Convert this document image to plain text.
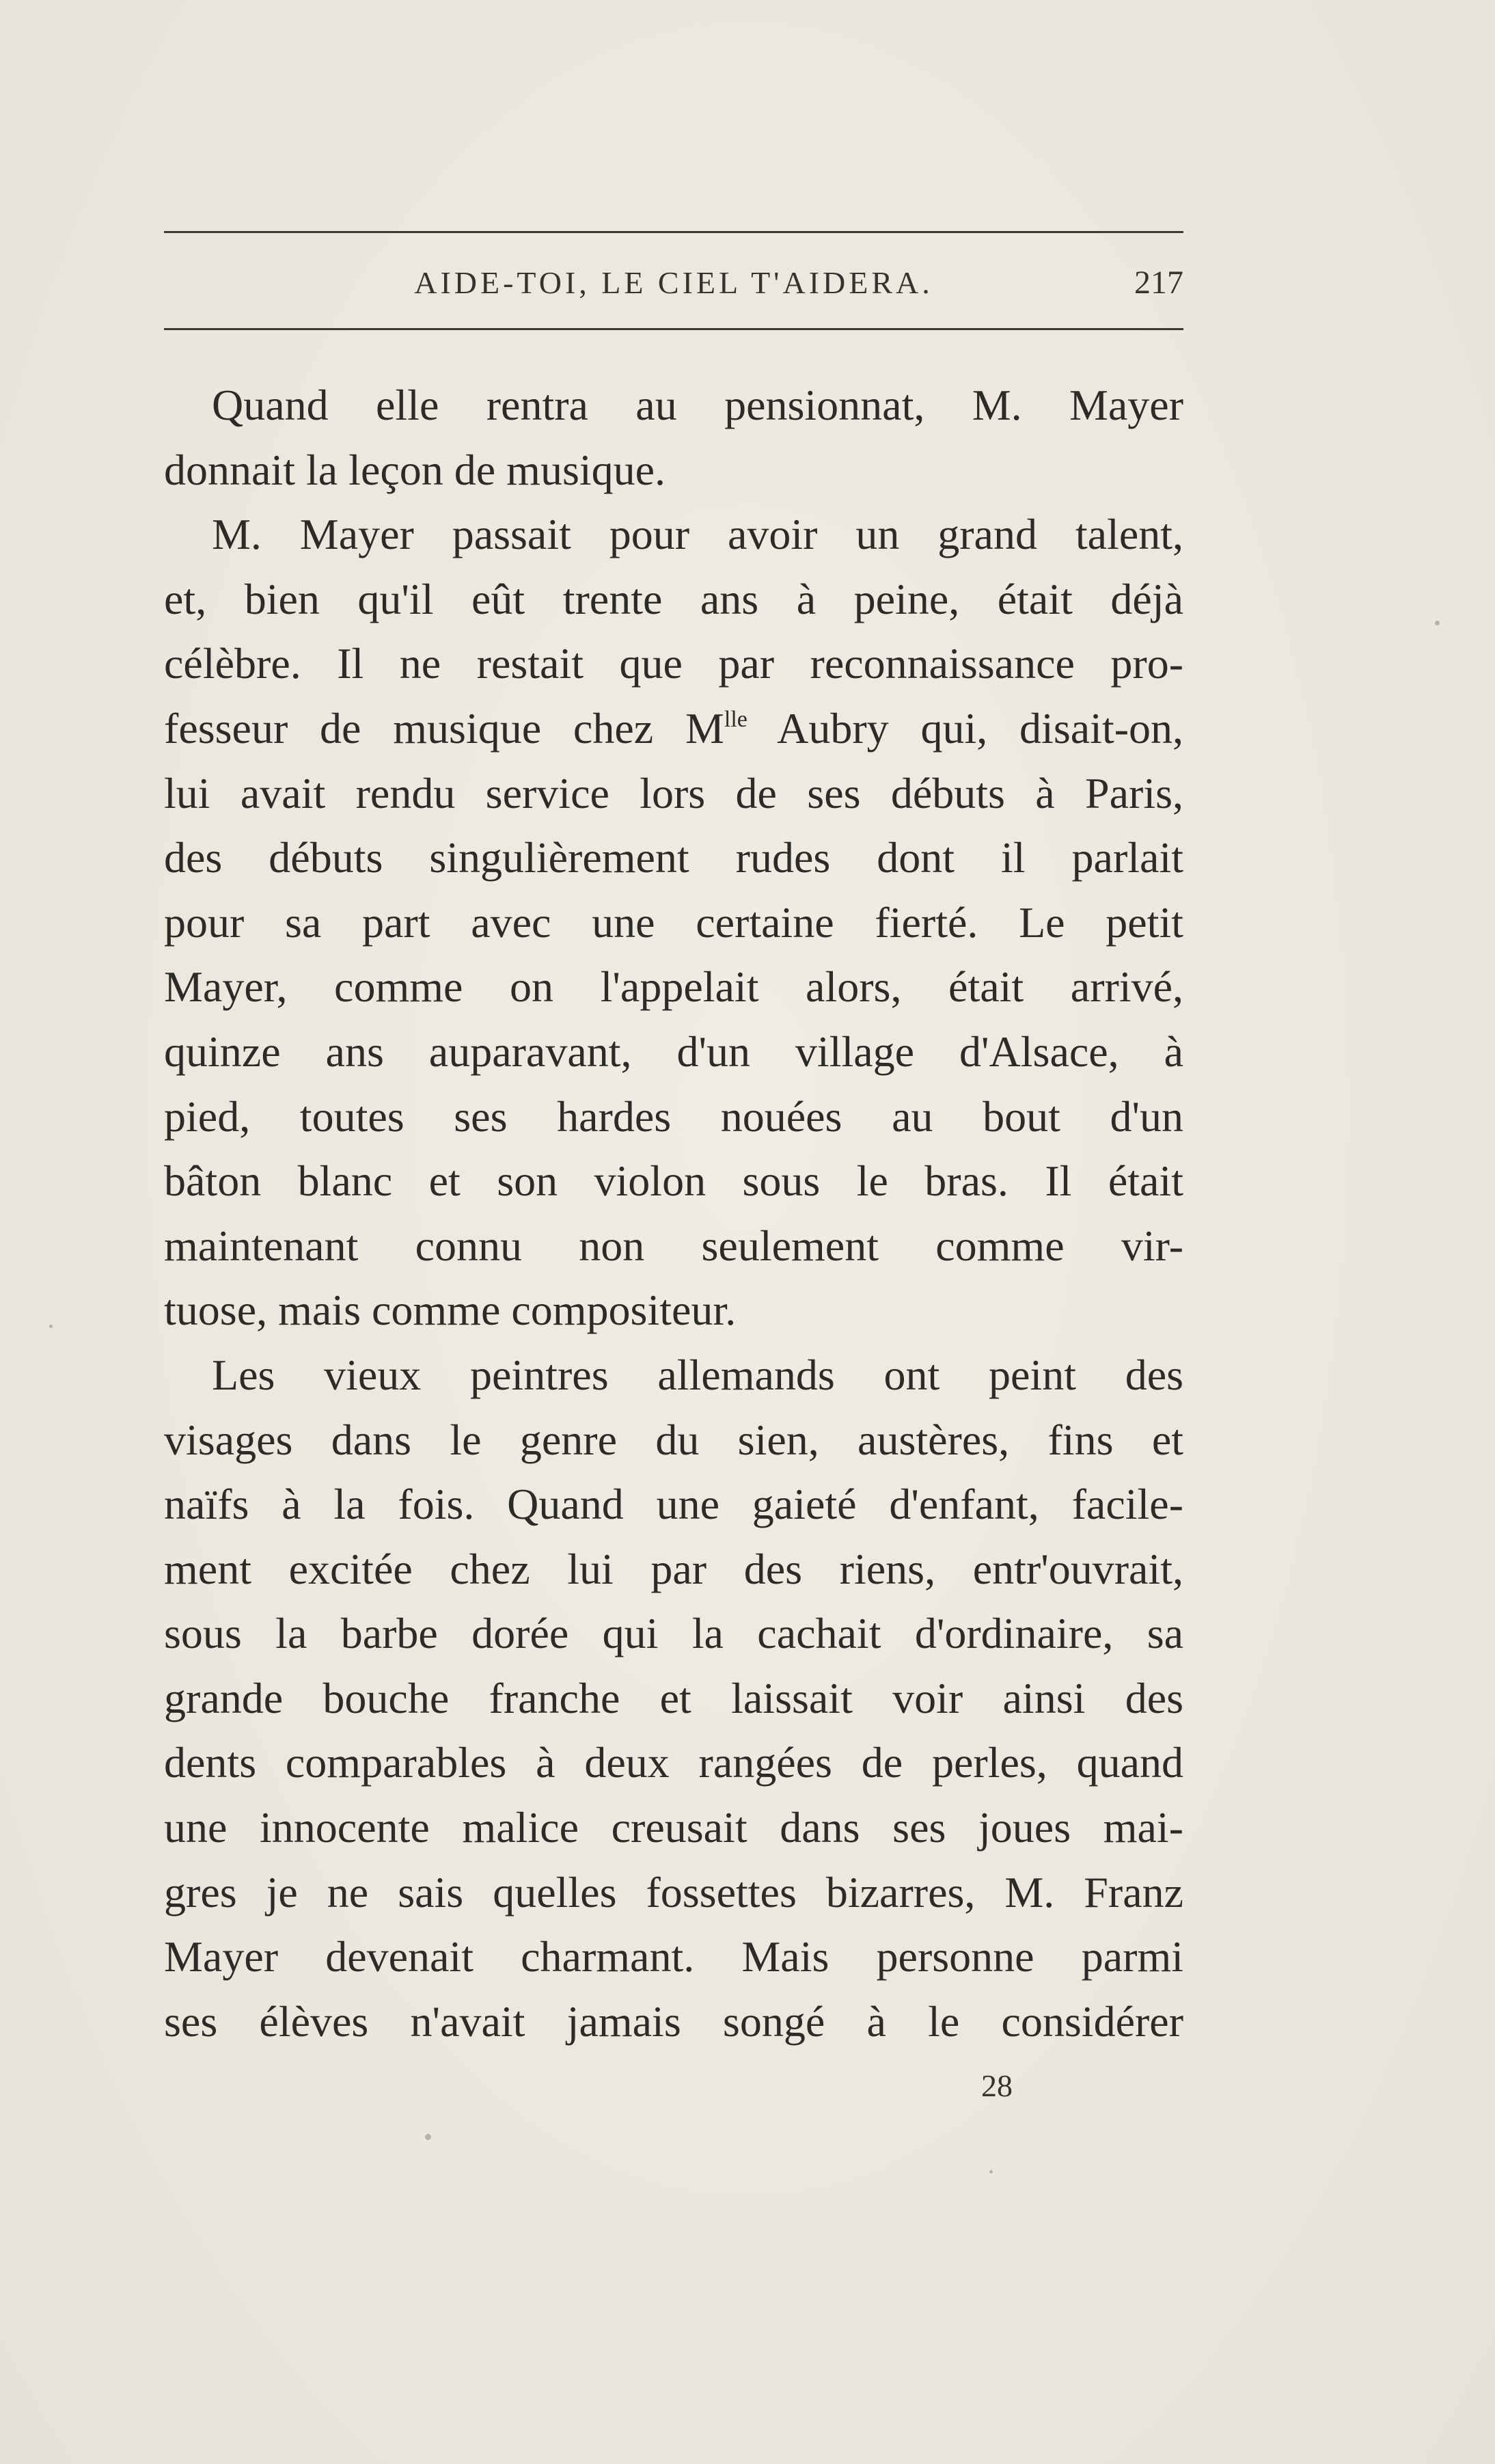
AIDE-TOI, LE CIEL T'AIDERA.	217
Quand elle rentra au pensionnat, M. Mayer
donnait la leçon de musique.
M. Mayer passait pour avoir un grand talent,
et, bien qu'il eût trente ans à peine, était déjà
célèbre. Il ne restait que par reconnaissance pro-
fesseur de musique chez $M^{lle}$ Aubry qui, disait-on,
lui avait rendu service lors de ses débuts à Paris,
des débuts singulièrement rudes dont il parlait
pour sa part avec une certaine fierté. Le petit
Mayer, comme on l'appelait alors, était arrivé,
quinze ans auparavant, d'un village d'Alsace, à
pied, toutes ses hardes nouées au bout d'un
bâton blanc et son violon sous le bras. Il était
maintenant connu non seulement comme vir-
tuose, mais comme compositeur.
Les vieux peintres allemands ont peint des
visages dans le genre du sien, austères, fins et
naïfs à la fois. Quand une gaieté d'enfant, facile-
ment excitée chez lui par des riens, entr'ouvrait,
sous la barbe dorée qui la cachait d'ordinaire, sa
grande bouche franche et laissait voir ainsi des
dents comparables à deux rangées de perles, quand
une innocente malice creusait dans ses joues mai-
gres je ne sais quelles fossettes bizarres, M. Franz
Mayer devenait charmant. Mais personne parmi
ses élèves n'avait jamais songé à le considérer
28
